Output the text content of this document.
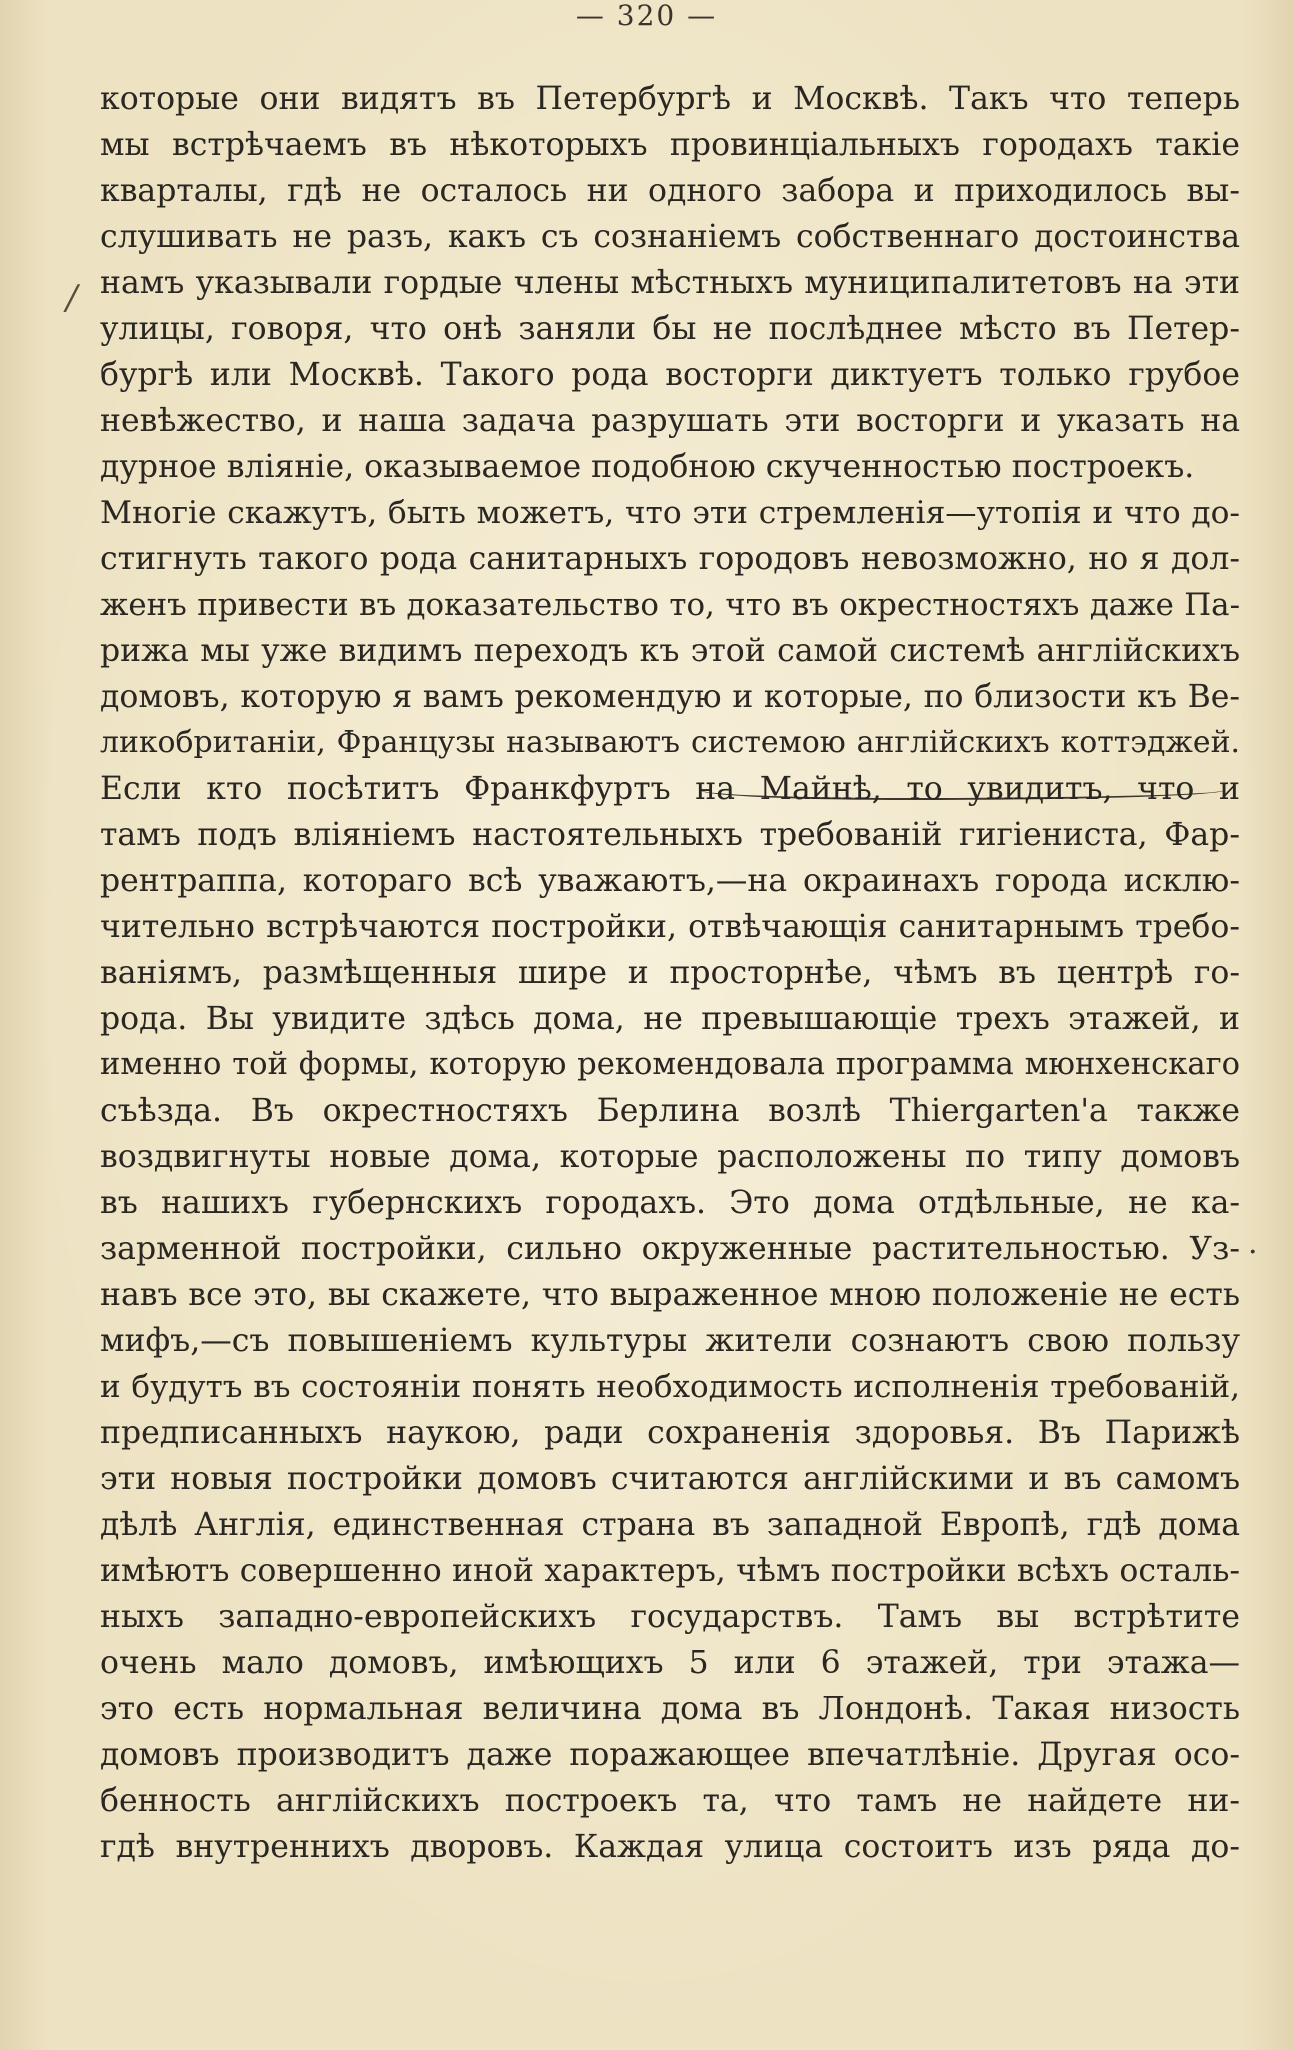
— 320 —
/
.
которые они видятъ въ Петербургѣ и Москвѣ. Такъ что теперь
мы встрѣчаемъ въ нѣкоторыхъ провинціальныхъ городахъ такіе
кварталы, гдѣ не осталось ни одного забора и приходилось вы-
слушивать не разъ, какъ съ сознаніемъ собственнаго достоинства
намъ указывали гордые члены мѣстныхъ муниципалитетовъ на эти
улицы, говоря, что онѣ заняли бы не послѣднее мѣсто въ Петер-
бургѣ или Москвѣ. Такого рода восторги диктуетъ только грубое
невѣжество, и наша задача разрушать эти восторги и указать на
дурное вліяніе, оказываемое подобною скученностью построекъ.
Многіе скажутъ, быть можетъ, что эти стремленія—утопія и что до-
стигнуть такого рода санитарныхъ городовъ невозможно, но я дол-
женъ привести въ доказательство то, что въ окрестностяхъ даже Па-
рижа мы уже видимъ переходъ къ этой самой системѣ англійскихъ
домовъ, которую я вамъ рекомендую и которые, по близости къ Ве-
ликобританіи, Французы называютъ системою англійскихъ коттэджей.
Если кто посѣтитъ Франкфуртъ на Майнѣ, то увидитъ, что и
тамъ подъ вліяніемъ настоятельныхъ требованій гигіениста, Фар-
рентраппа, котораго всѣ уважаютъ,—на окраинахъ города исклю-
чительно встрѣчаются постройки, отвѣчающія санитарнымъ требо-
ваніямъ, размѣщенныя шире и просторнѣе, чѣмъ въ центрѣ го-
рода. Вы увидите здѣсь дома, не превышающіе трехъ этажей, и
именно той формы, которую рекомендовала программа мюнхенскаго
съѣзда. Въ окрестностяхъ Берлина возлѣ Thiergarten'а также
воздвигнуты новые дома, которые расположены по типу домовъ
въ нашихъ губернскихъ городахъ. Это дома отдѣльные, не ка-
зарменной постройки, сильно окруженные растительностью. Уз-
навъ все это, вы скажете, что выраженное мною положеніе не есть
мифъ,—съ повышеніемъ культуры жители сознаютъ свою пользу
и будутъ въ состояніи понять необходимость исполненія требованій,
предписанныхъ наукою, ради сохраненія здоровья. Въ Парижѣ
эти новыя постройки домовъ считаются англійскими и въ самомъ
дѣлѣ Англія, единственная страна въ западной Европѣ, гдѣ дома
имѣютъ совершенно иной характеръ, чѣмъ постройки всѣхъ осталь-
ныхъ западно-европейскихъ государствъ. Тамъ вы встрѣтите
очень мало домовъ, имѣющихъ 5 или 6 этажей, три этажа—
это есть нормальная величина дома въ Лондонѣ. Такая низость
домовъ производитъ даже поражающее впечатлѣніе. Другая осо-
бенность англійскихъ построекъ та, что тамъ не найдете ни-
гдѣ внутреннихъ дворовъ. Каждая улица состоитъ изъ ряда до-
